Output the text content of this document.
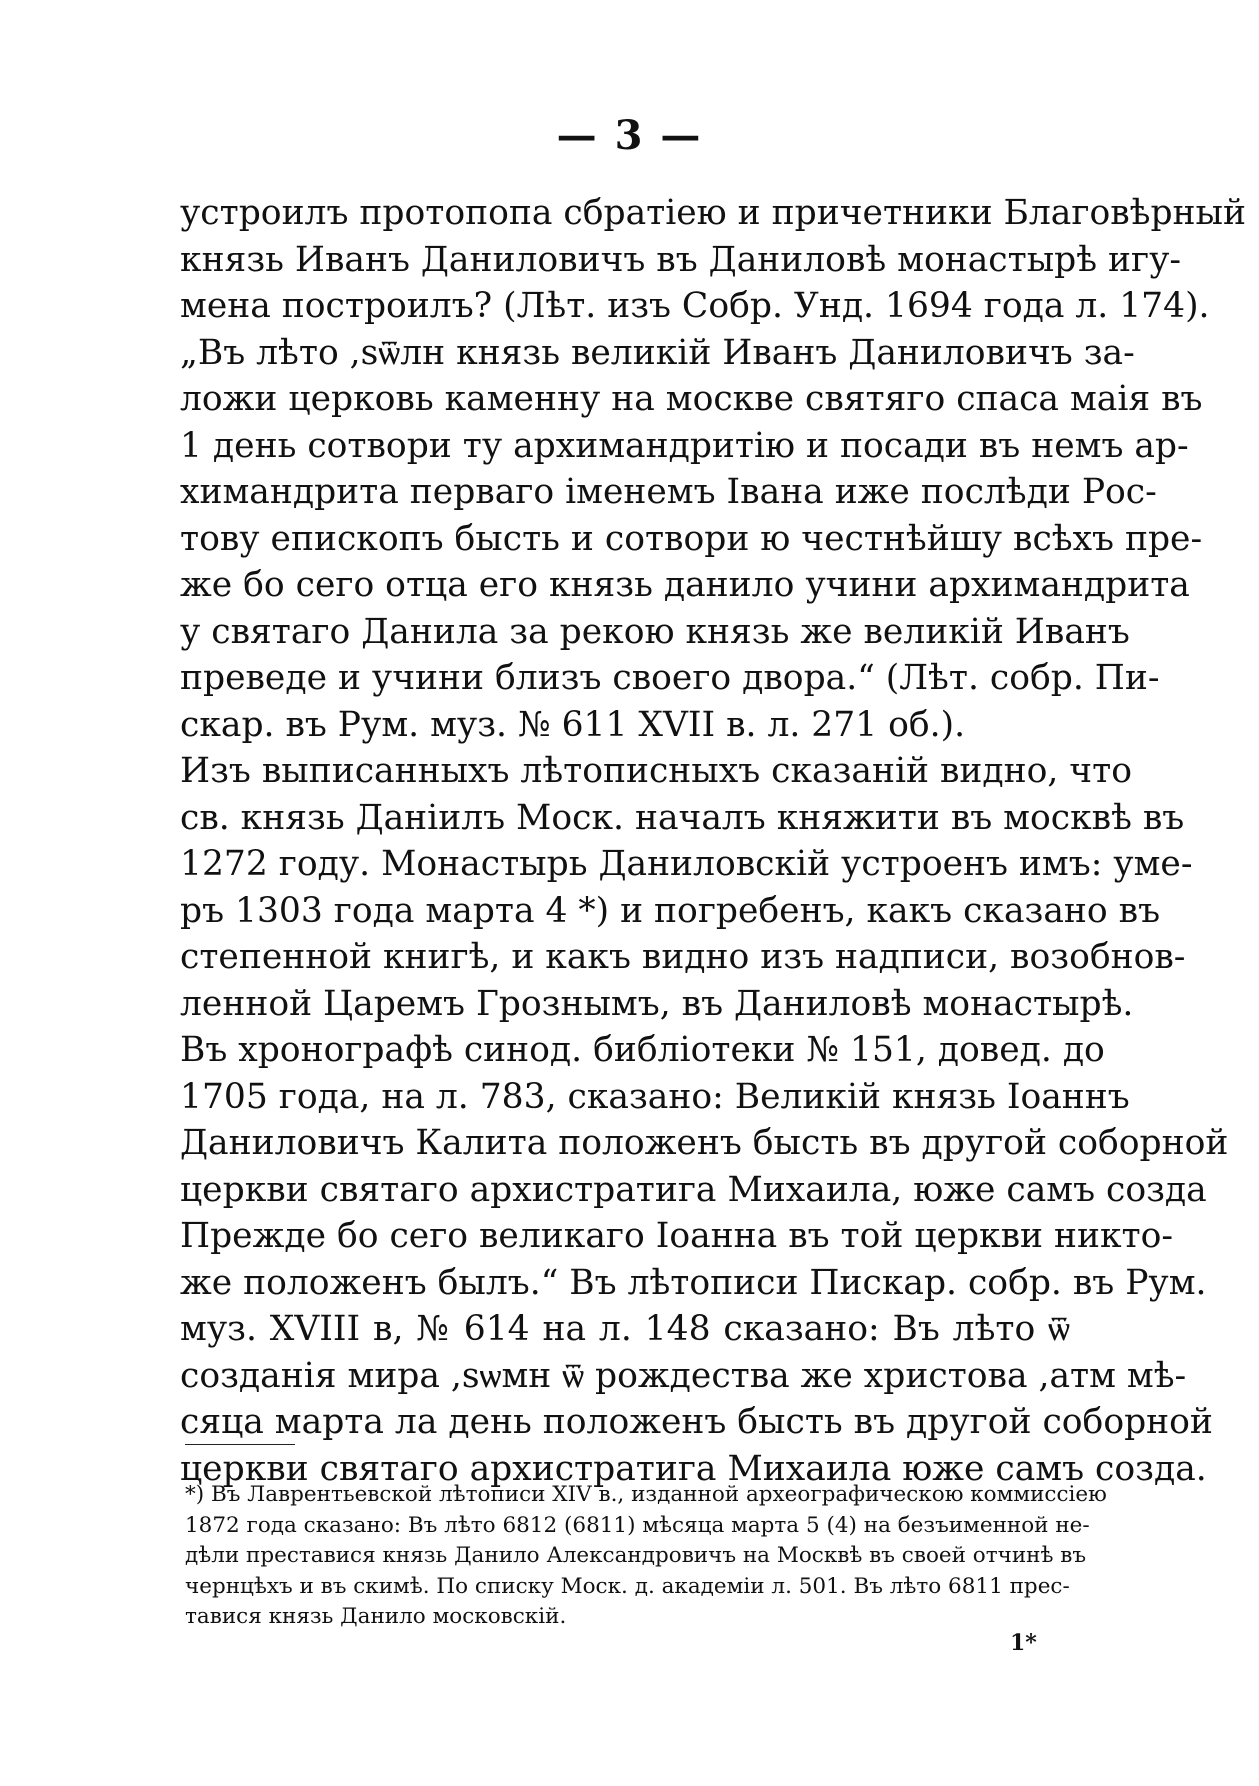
— 3 —
устроилъ протопопа сбратiею и причетники Благовѣрный
князь Иванъ Даниловичъ въ Даниловѣ монастырѣ игу-
мена построилъ? (Лѣт. изъ Собр. Унд. 1694 года л. 174).
„Въ лѣто ,ѕѿлн князь великiй Иванъ Даниловичъ за-
ложи церковь каменну на москве святяго спаса маiя въ
1 день сотвори ту архимандритiю и посади въ немъ ар-
химандрита перваго iменемъ Iвана иже послѣди Рос-
тову епископъ бысть и сотвори ю честнѣйшу всѣхъ пре-
же бо сего отца его князь данило учини архимандрита
у святаго Данила за рекою князь же великiй Иванъ
преведе и учини близъ своего двора.“ (Лѣт. собр. Пи-
скар. въ Рум. муз. № 611 XVII в. л. 271 об.).
Изъ выписанныхъ лѣтописныхъ сказанiй видно, что
св. князь Даніилъ Моск. началъ княжити въ москвѣ въ
1272 году. Монастырь Даниловскiй устроенъ имъ: уме-
ръ 1303 года марта 4 *) и погребенъ, какъ сказано въ
степенной книгѣ, и какъ видно изъ надписи, возобнов-
ленной Царемъ Грознымъ, въ Даниловѣ монастырѣ.
Въ хронографѣ синод. библiотеки № 151, довед. до
1705 года, на л. 783, сказано: Великiй князь Іоаннъ
Даниловичъ Калита положенъ бысть въ другой соборной
церкви святаго архистратига Михаила, юже самъ созда
Прежде бо сего великаго Іоанна въ той церкви никто-
же положенъ былъ.“ Въ лѣтописи Пискар. собр. въ Рум.
муз. XVIII в, № 614 на л. 148 сказано: Въ лѣто ѿ
созданiя мира ,ѕѡмн ѿ рождества же христова ,атм мѣ-
сяца марта ла день положенъ бысть въ другой соборной
церкви святаго архистратига Михаила юже самъ созда.
*) Въ Лаврентьевской лѣтописи XIV в., изданной археографическою коммиссiею
1872 года сказано: Въ лѣто 6812 (6811) мѣсяца марта 5 (4) на безъименной не-
дѣли преставися князь Данило Александровичъ на Москвѣ въ своей отчинѣ въ
чернцѣхъ и въ скимѣ. По списку Моск. д. академiи л. 501. Въ лѣто 6811 прес-
тавися князь Данило московскiй.
1*
